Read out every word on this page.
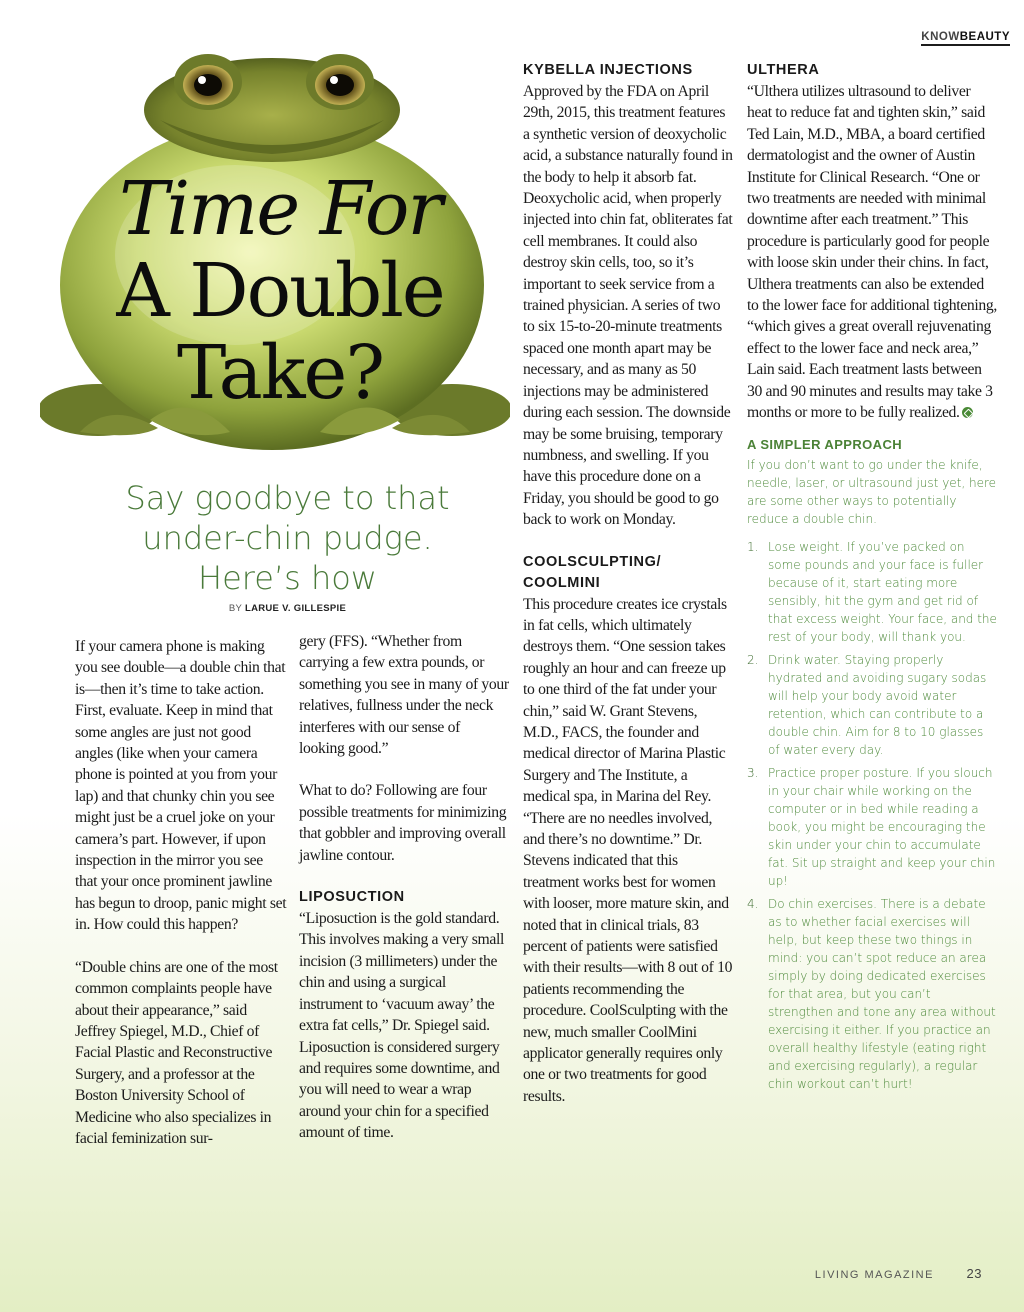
KNOWBEAUTY
Time For
A Double
Take?
Say goodbye to that
under-chin pudge.
Here’s how
BY LARUE V. GILLESPIE

If your camera phone is making you see double—a double chin that is—then it’s time to take action. First, evaluate. Keep in mind that some angles are just not good angles (like when your camera phone is pointed at you from your lap) and that chunky chin you see might just be a cruel joke on your camera’s part. However, if upon inspection in the mirror you see that your once prominent jawline has begun to droop, panic might set in. How could this happen?

“Double chins are one of the most common complaints people have about their appearance,” said Jeffrey Spiegel, M.D., Chief of Facial Plastic and Reconstructive Surgery, and a professor at the Boston University School of Medicine who also specializes in facial feminization sur-

gery (FFS). “Whether from carrying a few extra pounds, or something you see in many of your relatives, fullness under the neck interferes with our sense of looking good.”

What to do? Following are four possible treatments for minimizing that gobbler and improving overall jawline contour.

LIPOSUCTION

“Liposuction is the gold standard. This involves making a very small incision (3 millimeters) under the chin and using a surgical instrument to ‘vacuum away’ the extra fat cells,” Dr. Spiegel said. Liposuction is considered surgery and requires some downtime, and you will need to wear a wrap around your chin for a specified amount of time.

KYBELLA INJECTIONS

Approved by the FDA on April 29th, 2015, this treatment features a synthetic version of deoxycholic acid, a substance naturally found in the body to help it absorb fat. Deoxycholic acid, when properly injected into chin fat, obliterates fat cell membranes. It could also destroy skin cells, too, so it’s important to seek service from a trained physician. A series of two to six 15-to-20-minute treatments spaced one month apart may be necessary, and as many as 50 injections may be administered during each session. The downside may be some bruising, temporary numbness, and swelling. If you have this procedure done on a Friday, you should be good to go back to work on Monday.

COOLSCULPTING/
COOLMINI

This procedure creates ice crystals in fat cells, which ultimately destroys them. “One session takes roughly an hour and can freeze up to one third of the fat under your chin,” said W. Grant Stevens, M.D., FACS, the founder and medical director of Marina Plastic Surgery and The Institute, a medical spa, in Marina del Rey. “There are no needles involved, and there’s no downtime.” Dr. Stevens indicated that this treatment works best for women with looser, more mature skin, and noted that in clinical trials, 83 percent of patients were satisfied with their results—with 8 out of 10 patients recommending the procedure. CoolSculpting with the new, much smaller CoolMini applicator generally requires only one or two treatments for good results.

ULTHERA

“Ulthera utilizes ultrasound to deliver heat to reduce fat and tighten skin,” said Ted Lain, M.D., MBA, a board certified dermatologist and the owner of Austin Institute for Clinical Research. “One or two treatments are needed with minimal downtime after each treatment.” This procedure is particularly good for people with loose skin under their chins. In fact, Ulthera treatments can also be extended to the lower face for additional tightening, “which gives a great overall rejuvenating effect to the lower face and neck area,” Lain said. Each treatment lasts between 30 and 90 minutes and results may take 3 months or more to be fully realized.

A SIMPLER APPROACH

If you don’t want to go under the knife, needle, laser, or ultrasound just yet, here are some other ways to potentially reduce a double chin.

1. Lose weight. If you’ve packed on some pounds and your face is fuller because of it, start eating more sensibly, hit the gym and get rid of that excess weight. Your face, and the rest of your body, will thank you.
2. Drink water. Staying properly hydrated and avoiding sugary sodas will help your body avoid water retention, which can contribute to a double chin. Aim for 8 to 10 glasses of water every day.
3. Practice proper posture. If you slouch in your chair while working on the computer or in bed while reading a book, you might be encouraging the skin under your chin to accumulate fat. Sit up straight and keep your chin up!
4. Do chin exercises. There is a debate as to whether facial exercises will help, but keep these two things in mind: you can’t spot reduce an area simply by doing dedicated exercises for that area, but you can’t strengthen and tone any area without exercising it either. If you practice an overall healthy lifestyle (eating right and exercising regularly), a regular chin workout can’t hurt!
LIVING MAGAZINE	23
